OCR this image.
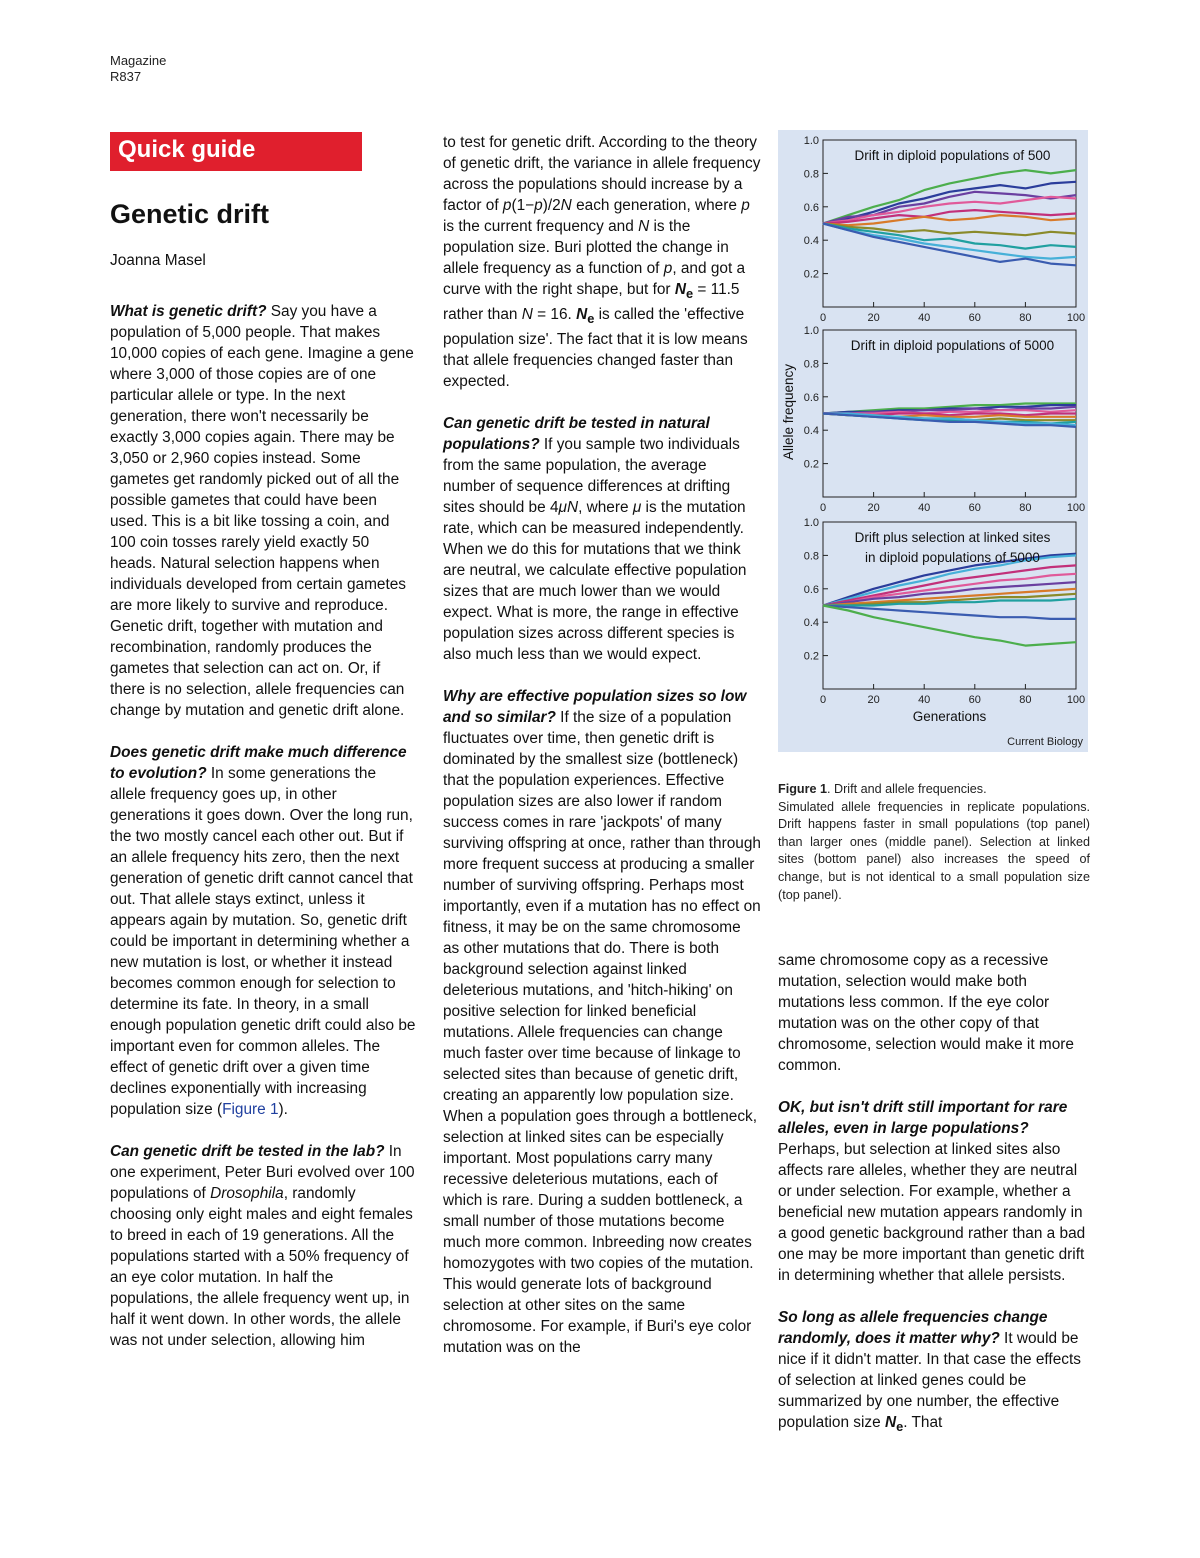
Magazine
R837
Quick guide
Genetic drift
Joanna Masel

What is genetic drift? Say you have a population of 5,000 people. That makes 10,000 copies of each gene. Imagine a gene where 3,000 of those copies are of one particular allele or type. In the next generation, there won't necessarily be exactly 3,000 copies again. There may be 3,050 or 2,960 copies instead. Some gametes get randomly picked out of all the possible gametes that could have been used. This is a bit like tossing a coin, and 100 coin tosses rarely yield exactly 50 heads. Natural selection happens when individuals developed from certain gametes are more likely to survive and reproduce. Genetic drift, together with mutation and recombination, randomly produces the gametes that selection can act on. Or, if there is no selection, allele frequencies can change by mutation and genetic drift alone.

Does genetic drift make much difference to evolution? In some generations the allele frequency goes up, in other generations it goes down. Over the long run, the two mostly cancel each other out. But if an allele frequency hits zero, then the next generation of genetic drift cannot cancel that out. That allele stays extinct, unless it appears again by mutation. So, genetic drift could be important in determining whether a new mutation is lost, or whether it instead becomes common enough for selection to determine its fate. In theory, in a small enough population genetic drift could also be important even for common alleles. The effect of genetic drift over a given time declines exponentially with increasing population size (Figure 1).

Can genetic drift be tested in the lab? In one experiment, Peter Buri evolved over 100 populations of Drosophila, randomly choosing only eight males and eight females to breed in each of 19 generations. All the populations started with a 50% frequency of an eye color mutation. In half the populations, the allele frequency went up, in half it went down. In other words, the allele was not under selection, allowing him

to test for genetic drift. According to the theory of genetic drift, the variance in allele frequency across the populations should increase by a factor of p(1−p)/2N each generation, where p is the current frequency and N is the population size. Buri plotted the change in allele frequency as a function of p, and got a curve with the right shape, but for $N_e = 11.5$ rather than N = 16. $N_e$ is called the 'effective population size'. The fact that it is low means that allele frequencies changed faster than expected.

Can genetic drift be tested in natural populations? If you sample two individuals from the same population, the average number of sequence differences at drifting sites should be 4μN, where μ is the mutation rate, which can be measured independently. When we do this for mutations that we think are neutral, we calculate effective population sizes that are much lower than we would expect. What is more, the range in effective population sizes across different species is also much less than we would expect.

Why are effective population sizes so low and so similar? If the size of a population fluctuates over time, then genetic drift is dominated by the smallest size (bottleneck) that the population experiences. Effective population sizes are also lower if random success comes in rare 'jackpots' of many surviving offspring at once, rather than through more frequent success at producing a smaller number of surviving offspring. Perhaps most importantly, even if a mutation has no effect on fitness, it may be on the same chromosome as other mutations that do. There is both background selection against linked deleterious mutations, and 'hitch-hiking' on positive selection for linked beneficial mutations. Allele frequencies can change much faster over time because of linkage to selected sites than because of genetic drift, creating an apparently low population size. When a population goes through a bottleneck, selection at linked sites can be especially important. Most populations carry many recessive deleterious mutations, each of which is rare. During a sudden bottleneck, a small number of those mutations become much more common. Inbreeding now creates homozygotes with two copies of the mutation. This would generate lots of background selection at other sites on the same chromosome. For example, if Buri's eye color mutation was on the

0.2
0.4
0.6
0.8
1.0
0	20	40	60	80	100
Drift in diploid populations of 500
0.2
0.4
0.6
0.8
1.0
0	20	40	60	80	100
Drift in diploid populations of 5000
0.2
0.4
0.6
0.8
1.0
0	20	40	60	80	100
Drift plus selection at linked sites
in diploid populations of 5000
Allele frequency
Generations
Current Biology
Figure 1. Drift and allele frequencies.
Simulated allele frequencies in replicate populations. Drift happens faster in small populations (top panel) than larger ones (middle panel). Selection at linked sites (bottom panel) also increases the speed of change, but is not identical to a small population size (top panel).

same chromosome copy as a recessive mutation, selection would make both mutations less common. If the eye color mutation was on the other copy of that chromosome, selection would make it more common.

OK, but isn't drift still important for rare alleles, even in large populations? Perhaps, but selection at linked sites also affects rare alleles, whether they are neutral or under selection. For example, whether a beneficial new mutation appears randomly in a good genetic background rather than a bad one may be more important than genetic drift in determining whether that allele persists.

So long as allele frequencies change randomly, does it matter why? It would be nice if it didn't matter. In that case the effects of selection at linked genes could be summarized by one number, the effective population size $N_e$. That
